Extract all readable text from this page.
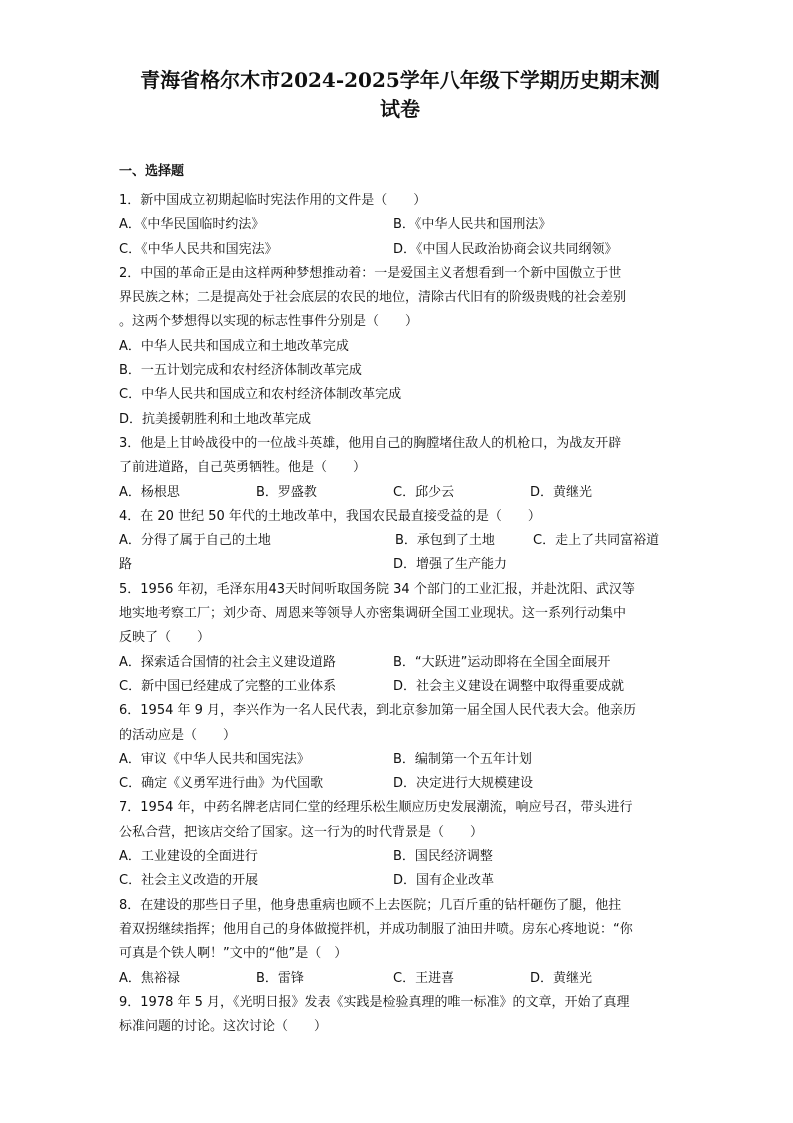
青海省格尔木市2024-2025学年八年级下学期历史期末测
试卷
一、选择题
1．新中国成立初期起临时宪法作用的文件是（　　）
A．《中华民国临时约法》	B．《中华人民共和国刑法》
C．《中华人民共和国宪法》	D．《中国人民政治协商会议共同纲领》
2．中国的革命正是由这样两种梦想推动着：一是爱国主义者想看到一个新中国傲立于世
界民族之林；二是提高处于社会底层的农民的地位，清除古代旧有的阶级贵贱的社会差别
。这两个梦想得以实现的标志性事件分别是（　　）
A．中华人民共和国成立和土地改革完成
B．一五计划完成和农村经济体制改革完成
C．中华人民共和国成立和农村经济体制改革完成
D．抗美援朝胜利和土地改革完成
3．他是上甘岭战役中的一位战斗英雄，他用自己的胸膛堵住敌人的机枪口，为战友开辟
了前进道路，自己英勇牺牲。他是（　　）
A．杨根思	B．罗盛教	C．邱少云	D．黄继光
4．在 20 世纪 50 年代的土地改革中，我国农民最直接受益的是（　　）
A．分得了属于自己的土地	B．承包到了土地	C．走上了共同富裕道
路	D．增强了生产能力
5．1956 年初，毛泽东用43天时间听取国务院 34 个部门的工业汇报，并赴沈阳、武汉等
地实地考察工厂；刘少奇、周恩来等领导人亦密集调研全国工业现状。这一系列行动集中
反映了（　　）
A．探索适合国情的社会主义建设道路	B．“大跃进”运动即将在全国全面展开
C．新中国已经建成了完整的工业体系	D．社会主义建设在调整中取得重要成就
6．1954 年 9 月，李兴作为一名人民代表，到北京参加第一届全国人民代表大会。他亲历
的活动应是（　　）
A．审议《中华人民共和国宪法》	B．编制第一个五年计划
C．确定《义勇军进行曲》为代国歌	D．决定进行大规模建设
7．1954 年，中药名牌老店同仁堂的经理乐松生顺应历史发展潮流，响应号召，带头进行
公私合营，把该店交给了国家。这一行为的时代背景是（　　）
A．工业建设的全面进行	B．国民经济调整
C．社会主义改造的开展	D．国有企业改革
8．在建设的那些日子里，他身患重病也顾不上去医院；几百斤重的钻杆砸伤了腿，他拄
着双拐继续指挥；他用自己的身体做搅拌机，并成功制服了油田井喷。房东心疼地说：“你
可真是个铁人啊！”文中的“他”是（　）
A．焦裕禄	B．雷锋	C．王进喜	D．黄继光
9．1978 年 5 月，《光明日报》发表《实践是检验真理的唯一标准》的文章，开始了真理
标准问题的讨论。这次讨论（　　）
